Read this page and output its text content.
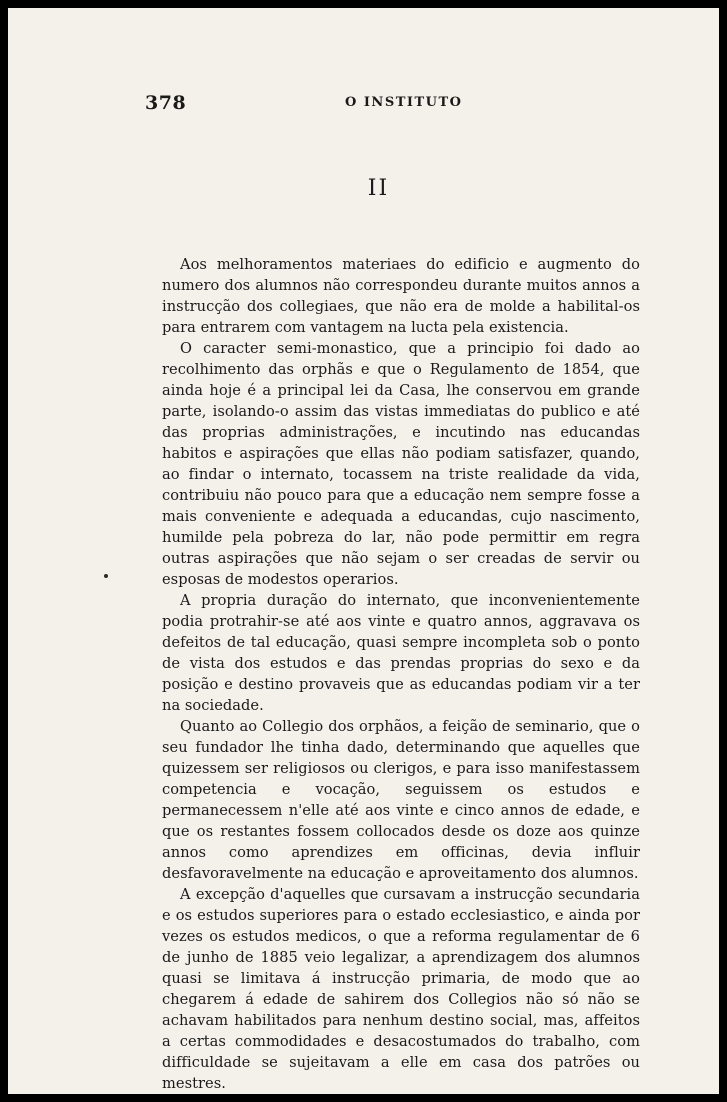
378	O INSTITUTO
II

Aos melhoramentos materiaes do edificio e augmento do numero dos alumnos não correspondeu durante muitos annos a instrucção dos collegiaes, que não era de molde a habilital-os para entrarem com vantagem na lucta pela existencia.

O caracter semi-monastico, que a principio foi dado ao recolhimento das orphãs e que o Regulamento de 1854, que ainda hoje é a principal lei da Casa, lhe conservou em grande parte, isolando-o assim das vistas immediatas do publico e até das proprias administrações, e incutindo nas educandas habitos e aspirações que ellas não podiam satisfazer, quando, ao findar o internato, tocassem na triste realidade da vida, contribuiu não pouco para que a educação nem sempre fosse a mais conveniente e adequada a educandas, cujo nascimento, humilde pela pobreza do lar, não pode permittir em regra outras aspirações que não sejam o ser creadas de servir ou esposas de modestos operarios.

A propria duração do internato, que inconvenientemente podia protrahir-se até aos vinte e quatro annos, aggravava os defeitos de tal educação, quasi sempre incompleta sob o ponto de vista dos estudos e das prendas proprias do sexo e da posição e destino provaveis que as educandas podiam vir a ter na sociedade.

Quanto ao Collegio dos orphãos, a feição de seminario, que o seu fundador lhe tinha dado, determinando que aquelles que quizessem ser religiosos ou clerigos, e para isso manifestassem competencia e vocação, seguissem os estudos e permanecessem n'elle até aos vinte e cinco annos de edade, e que os restantes fossem collocados desde os doze aos quinze annos como aprendizes em officinas, devia influir desfavoravelmente na educação e aproveitamento dos alumnos.

A excepção d'aquelles que cursavam a instrucção secundaria e os estudos superiores para o estado ecclesiastico, e ainda por vezes os estudos medicos, o que a reforma regulamentar de 6 de junho de 1885 veio legalizar, a aprendizagem dos alumnos quasi se limitava á instrucção primaria, de modo que ao chegarem á edade de sahirem dos Collegios não só não se achavam habilitados para nenhum destino social, mas, affeitos a certas commodidades e desacostumados do trabalho, com difficuldade se sujeitavam a elle em casa dos patrões ou mestres.
